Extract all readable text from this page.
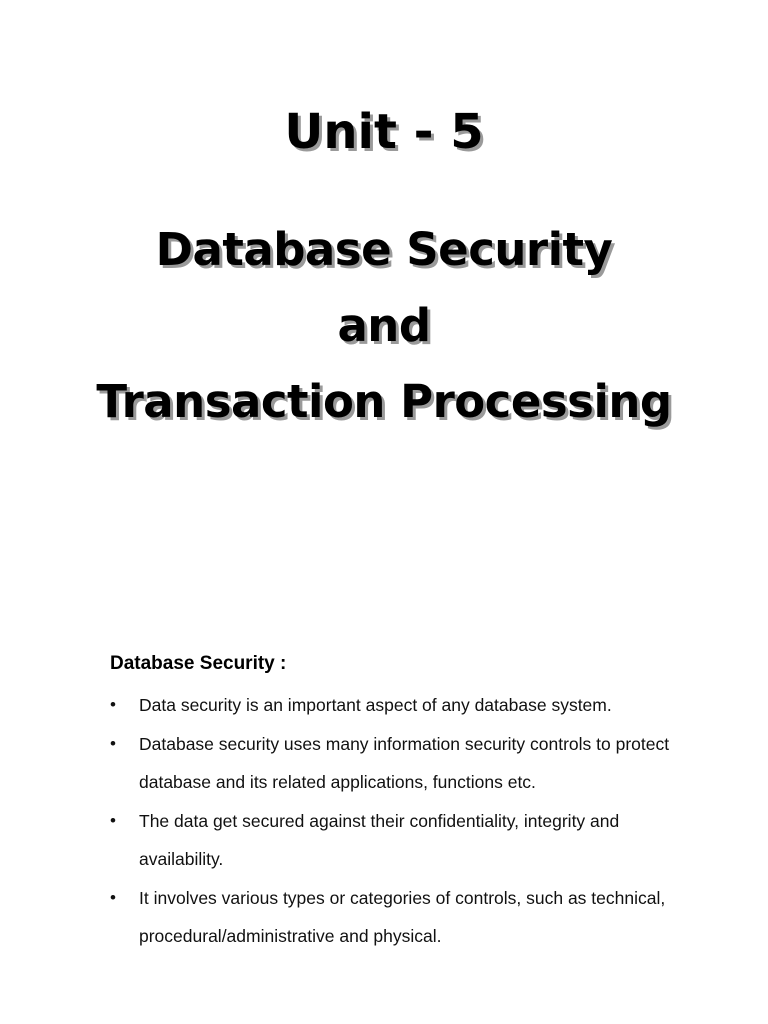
Unit - 5
Database Security
and
Transaction Processing
Database Security :
• Data security is an important aspect of any database system.
• Database security uses many information security controls to protect database and its related applications, functions etc.
• The data get secured against their confidentiality, integrity and availability.
• It involves various types or categories of controls, such as technical, procedural/administrative and physical.
